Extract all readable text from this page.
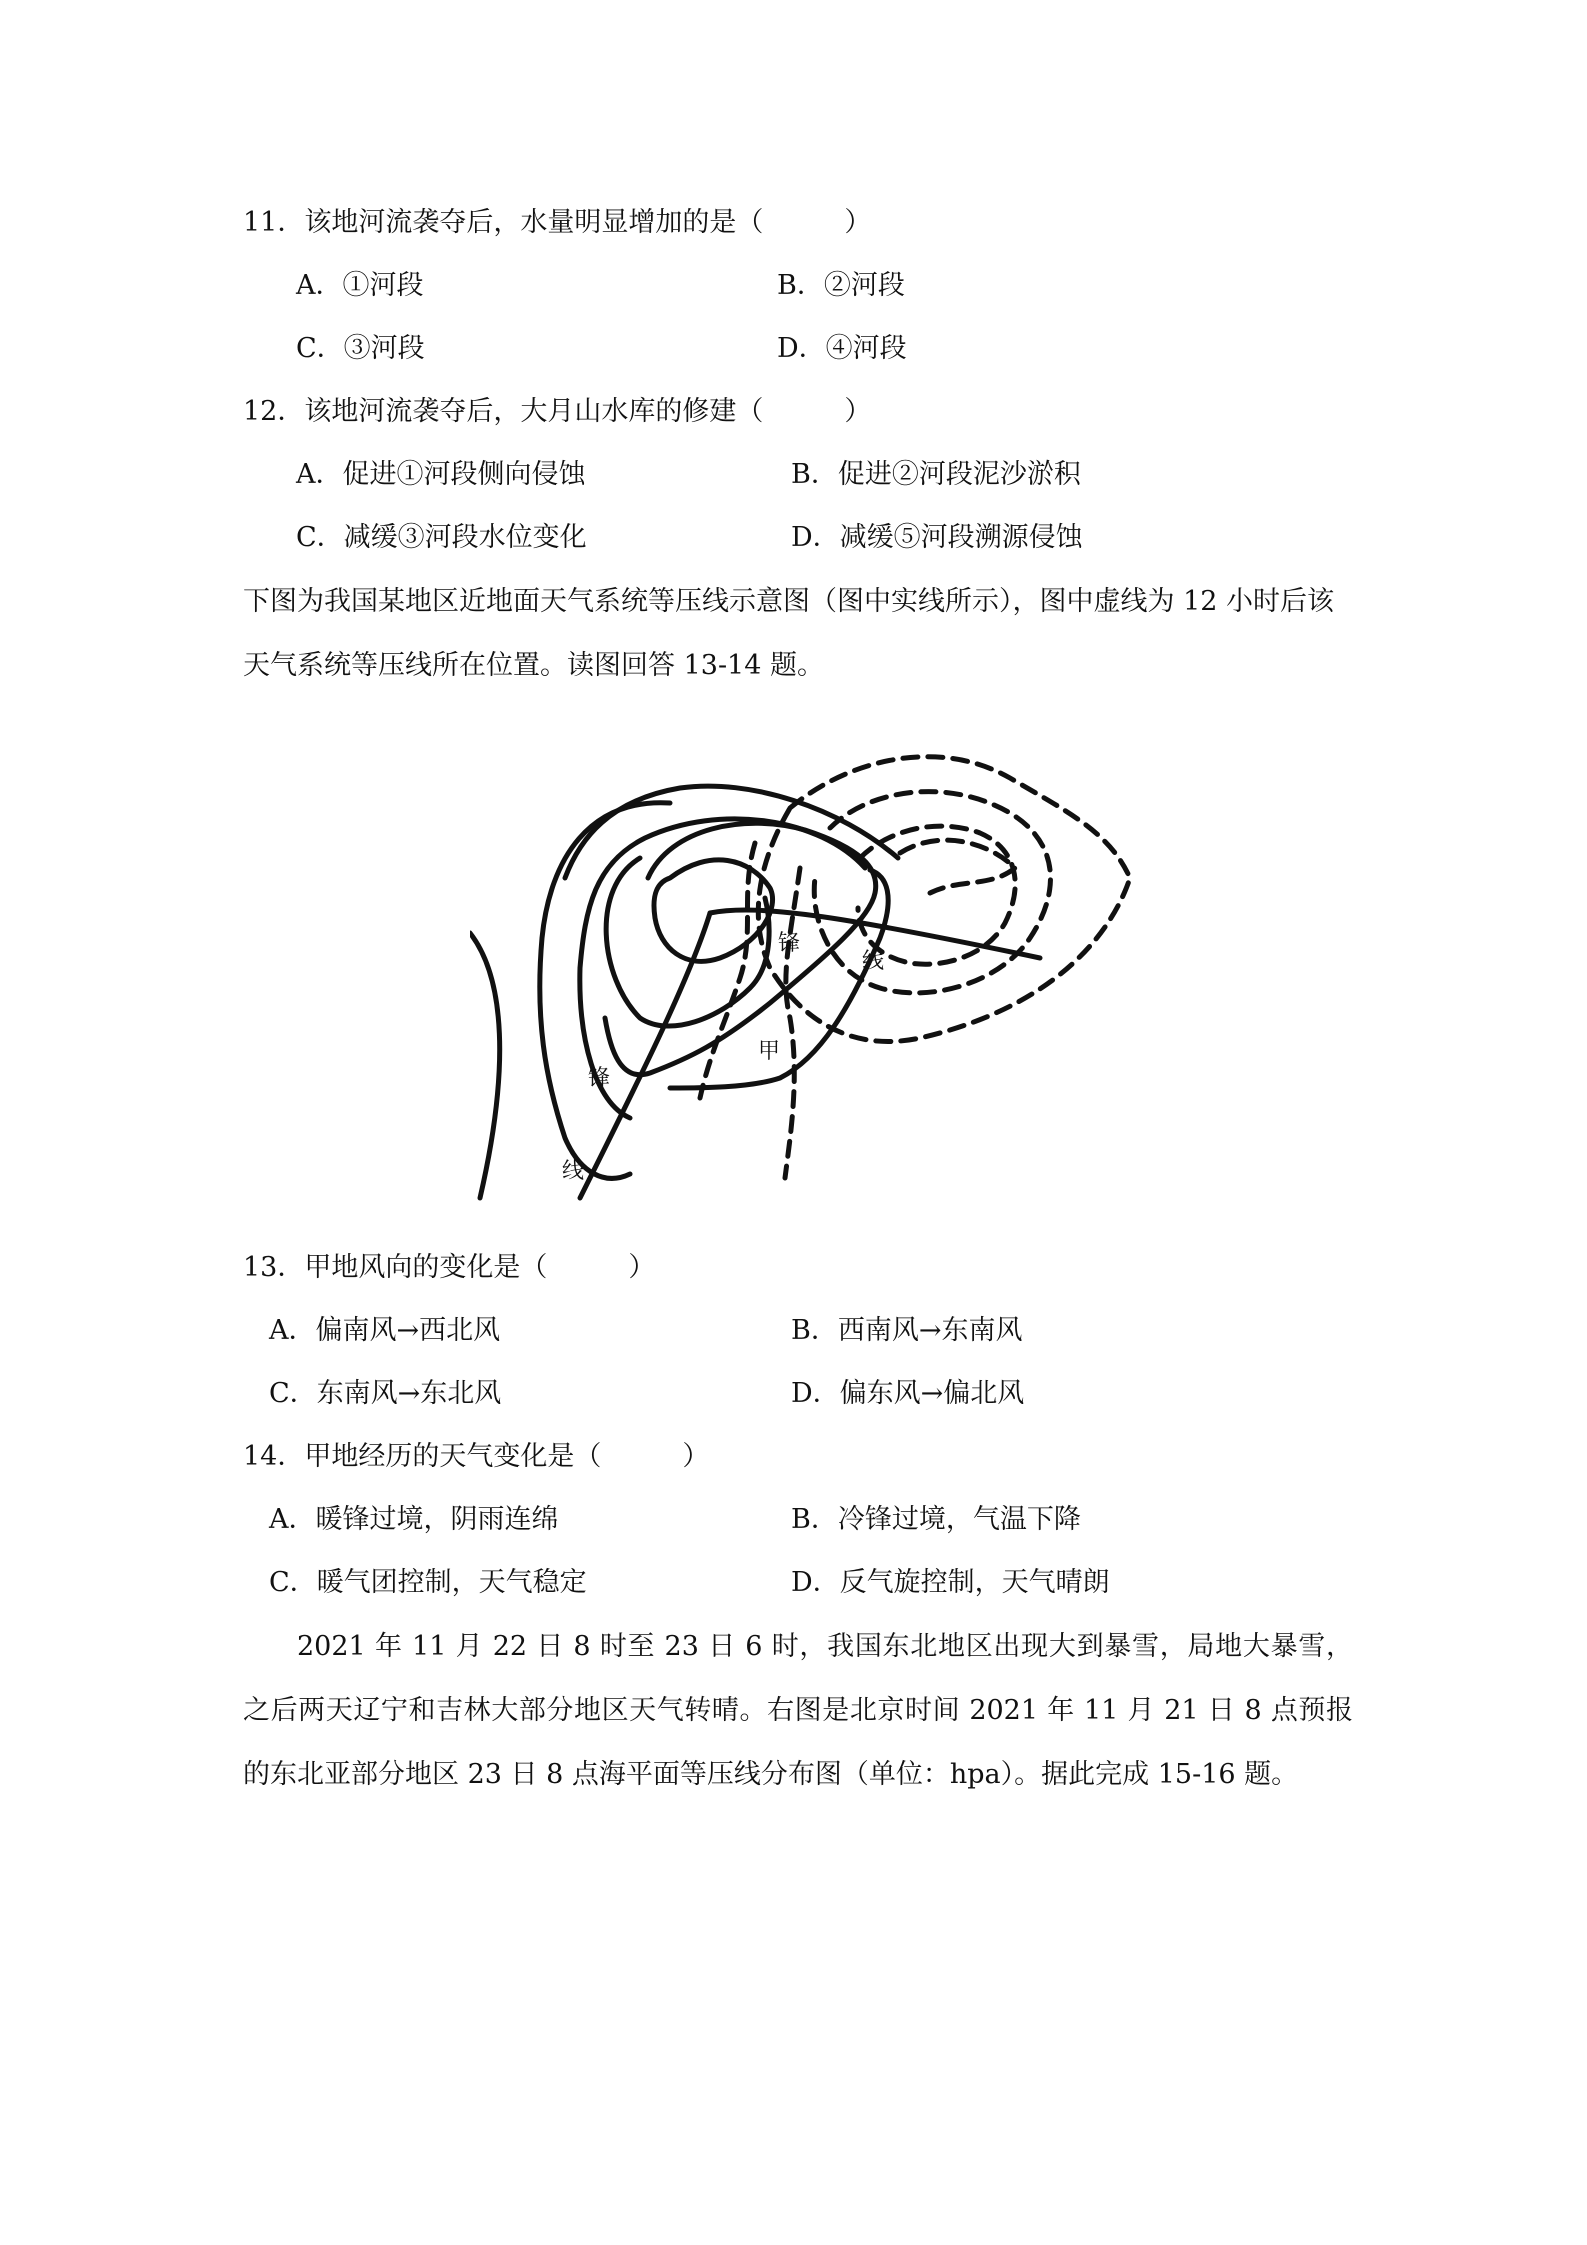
11．该地河流袭夺后，水量明显增加的是（　　　）
A．①河段	B．②河段
C．③河段	D．④河段
12．该地河流袭夺后，大月山水库的修建（　　　）
A．促进①河段侧向侵蚀	B．促进②河段泥沙淤积
C．减缓③河段水位变化	D．减缓⑤河段溯源侵蚀
下图为我国某地区近地面天气系统等压线示意图（图中实线所示），图中虚线为 12 小时后该
天气系统等压线所在位置。读图回答 13-14 题。
锋
线
锋
线
甲
13．甲地风向的变化是（　　　）
A．偏南风→西北风	B．西南风→东南风
C．东南风→东北风	D．偏东风→偏北风
14．甲地经历的天气变化是（　　　）
A．暖锋过境，阴雨连绵	B．冷锋过境，气温下降
C．暖气团控制，天气稳定	D．反气旋控制，天气晴朗
2021 年 11 月 22 日 8 时至 23 日 6 时，我国东北地区出现大到暴雪，局地大暴雪，之后两天辽宁和吉林大部分地区天气转晴。右图是北京时间 2021 年 11 月 21 日 8 点预报的东北亚部分地区 23 日 8 点海平面等压线分布图（单位：hpa）。据此完成 15-16 题。
